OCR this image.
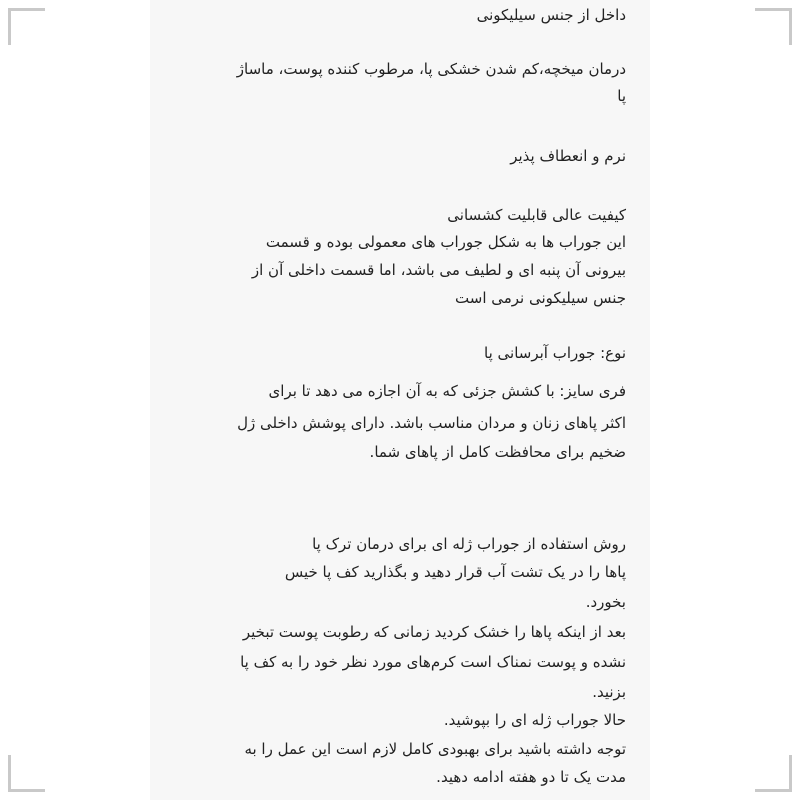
داخل از جنس سیلیکونی
درمان میخچه،کم شدن خشکی پا، مرطوب کننده پوست، ماساژ
پا
نرم و انعطاف پذیر
کیفیت عالی قابلیت کشسانی
این جوراب ها به شکل جوراب های معمولی بوده و قسمت
بیرونی آن پنبه ای و لطیف می باشد، اما قسمت داخلی آن از
جنس سیلیکونی نرمی است
نوع: جوراب آبرسانی پا
فری سایز: با کشش جزئی که به آن اجازه می دهد تا برای
اکثر پاهای زنان و مردان مناسب باشد. دارای پوشش داخلی ژل
ضخیم برای محافظت کامل از پاهای شما.
روش استفاده از جوراب ژله ای برای درمان ترک پا
پاها را در یک تشت آب قرار دهید و بگذارید کف پا خیس
بخورد.
بعد از اینکه پاها را خشک کردید زمانی که رطوبت پوست تبخیر
نشده و پوست نمناک است کرم‌های مورد نظر خود را به کف پا
بزنید.
حالا جوراب ژله ای را بپوشید.
توجه داشته باشید برای بهبودی کامل لازم است این عمل را به
مدت یک تا دو هفته ادامه دهید.
